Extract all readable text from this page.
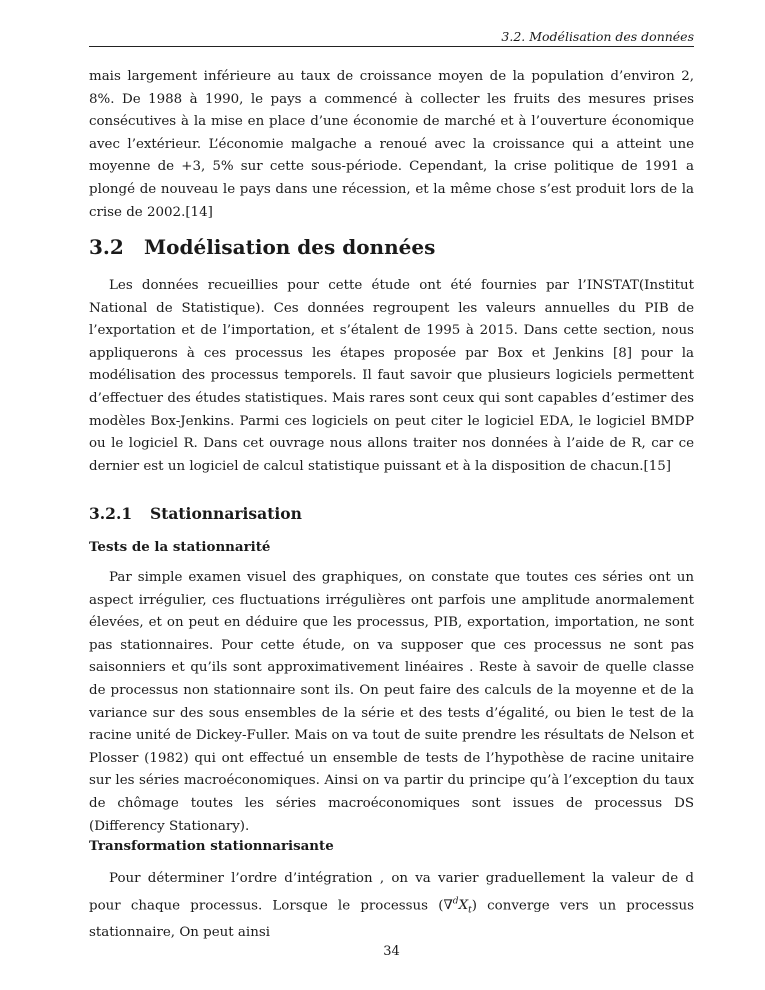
3.2. Modélisation des données

mais largement inférieure au taux de croissance moyen de la population d’environ 2, 8%. De 1988 à 1990, le pays a commencé à collecter les fruits des mesures prises consécutives à la mise en place d’une économie de marché et à l’ouverture économique avec l’extérieur. L’économie malgache a renoué avec la croissance qui a atteint une moyenne de +3, 5% sur cette sous-période. Cependant, la crise politique de 1991 a plongé de nouveau le pays dans une récession, et la même chose s’est produit lors de la crise de 2002.[14]

3.2 Modélisation des données

Les données recueillies pour cette étude ont été fournies par l’INSTAT(Institut National de Statistique). Ces données regroupent les valeurs annuelles du PIB de l’exportation et de l’importation, et s’étalent de 1995 à 2015. Dans cette section, nous appliquerons à ces processus les étapes proposée par Box et Jenkins [8] pour la modélisation des processus temporels. Il faut savoir que plusieurs logiciels permettent d’effectuer des études statistiques. Mais rares sont ceux qui sont capables d’estimer des modèles Box-Jenkins. Parmi ces logiciels on peut citer le logiciel EDA, le logiciel BMDP ou le logiciel R. Dans cet ouvrage nous allons traiter nos données à l’aide de R, car ce dernier est un logiciel de calcul statistique puissant et à la disposition de chacun.[15]

3.2.1 Stationnarisation
Tests de la stationnarité

Par simple examen visuel des graphiques, on constate que toutes ces séries ont un aspect irrégulier, ces fluctuations irrégulières ont parfois une amplitude anormalement élevées, et on peut en déduire que les processus, PIB, exportation, importation, ne sont pas stationnaires. Pour cette étude, on va supposer que ces processus ne sont pas saisonniers et qu’ils sont approximativement linéaires . Reste à savoir de quelle classe de processus non stationnaire sont ils. On peut faire des calculs de la moyenne et de la variance sur des sous ensembles de la série et des tests d’égalité, ou bien le test de la racine unité de Dickey-Fuller. Mais on va tout de suite prendre les résultats de Nelson et Plosser (1982) qui ont effectué un ensemble de tests de l’hypothèse de racine unitaire sur les séries macroéconomiques. Ainsi on va partir du principe qu’à l’exception du taux de chômage toutes les séries macroéconomiques sont issues de processus DS (Differency Stationary).

Transformation stationnarisante

Pour déterminer l’ordre d’intégration , on va varier graduellement la valeur de d pour chaque processus. Lorsque le processus $(\nabla^dX_t)$ converge vers un processus stationnaire, On peut ainsi

34
